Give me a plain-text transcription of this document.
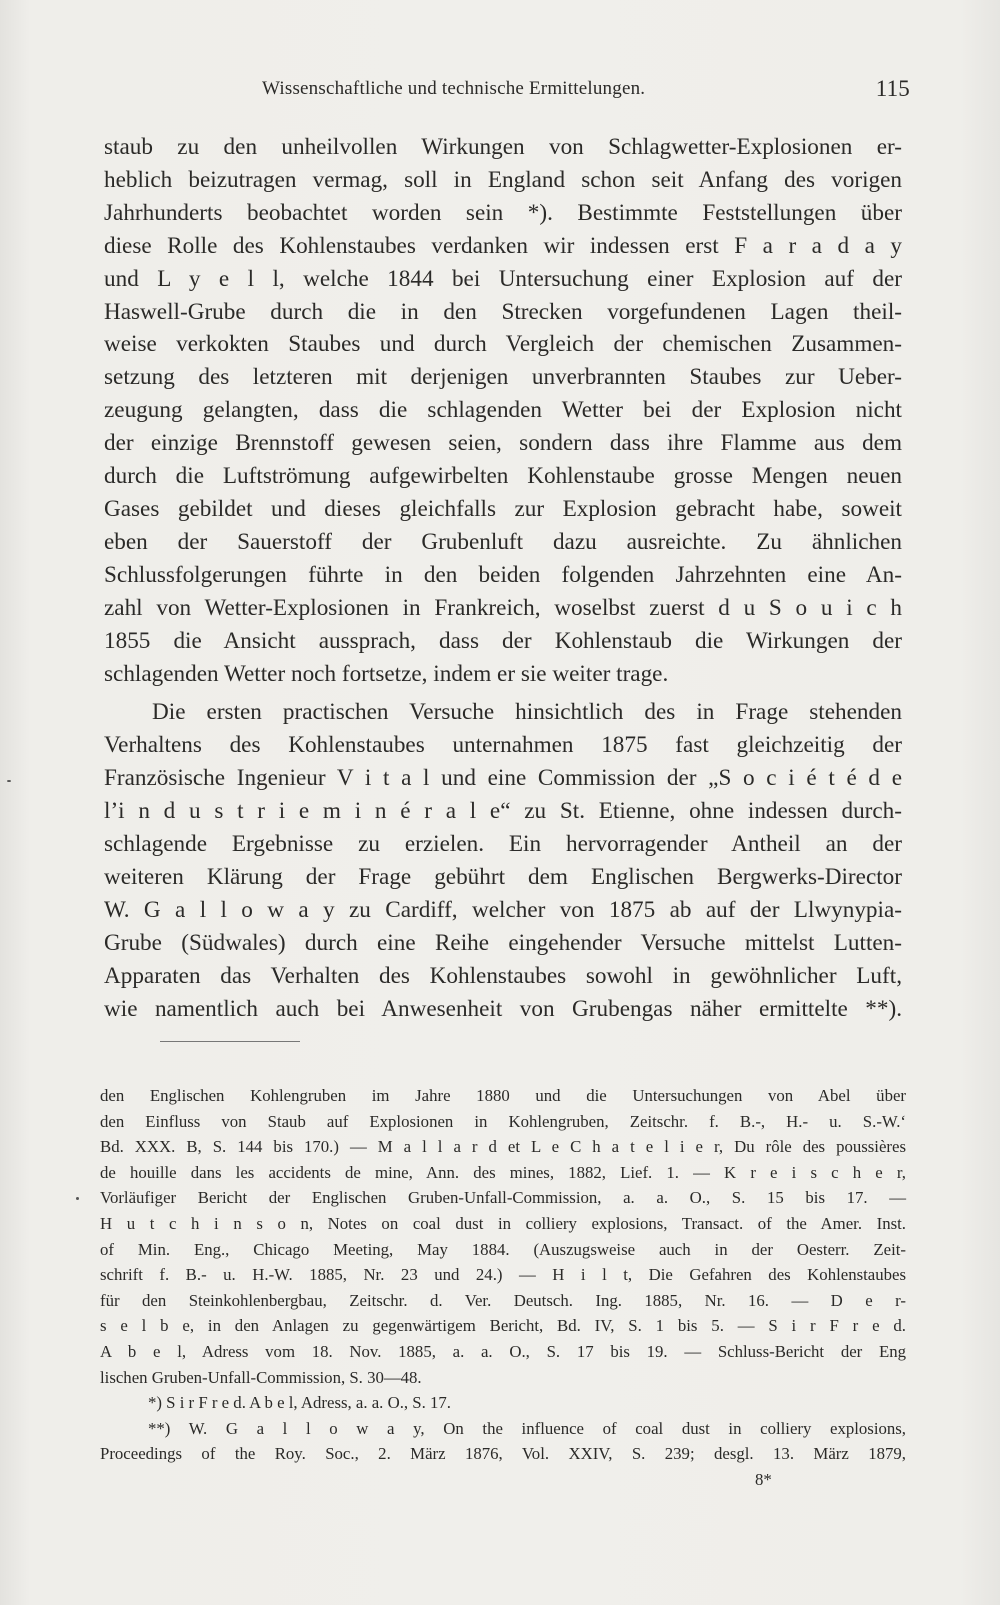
Wissenschaftliche und technische Ermittelungen.	115
staub zu den unheilvollen Wirkungen von Schlagwetter-Explosionen er-
heblich beizutragen vermag, soll in England schon seit Anfang des vorigen
Jahrhunderts beobachtet worden sein *). Bestimmte Feststellungen über
diese Rolle des Kohlenstaubes verdanken wir indessen erst F a r a d a y
und L y e l l, welche 1844 bei Untersuchung einer Explosion auf der
Haswell-Grube durch die in den Strecken vorgefundenen Lagen theil-
weise verkokten Staubes und durch Vergleich der chemischen Zusammen-
setzung des letzteren mit derjenigen unverbrannten Staubes zur Ueber-
zeugung gelangten, dass die schlagenden Wetter bei der Explosion nicht
der einzige Brennstoff gewesen seien, sondern dass ihre Flamme aus dem
durch die Luftströmung aufgewirbelten Kohlenstaube grosse Mengen neuen
Gases gebildet und dieses gleichfalls zur Explosion gebracht habe, soweit
eben der Sauerstoff der Grubenluft dazu ausreichte. Zu ähnlichen
Schlussfolgerungen führte in den beiden folgenden Jahrzehnten eine An-
zahl von Wetter-Explosionen in Frankreich, woselbst zuerst d u S o u i c h
1855 die Ansicht aussprach, dass der Kohlenstaub die Wirkungen der
schlagenden Wetter noch fortsetze, indem er sie weiter trage.
Die ersten practischen Versuche hinsichtlich des in Frage stehenden
Verhaltens des Kohlenstaubes unternahmen 1875 fast gleichzeitig der
Französische Ingenieur V i t a l und eine Commission der „S o c i é t é d e
l’i n d u s t r i e m i n é r a l e“ zu St. Etienne, ohne indessen durch-
schlagende Ergebnisse zu erzielen. Ein hervorragender Antheil an der
weiteren Klärung der Frage gebührt dem Englischen Bergwerks-Director
W. G a l l o w a y zu Cardiff, welcher von 1875 ab auf der Llwynypia-
Grube (Südwales) durch eine Reihe eingehender Versuche mittelst Lutten-
Apparaten das Verhalten des Kohlenstaubes sowohl in gewöhnlicher Luft,
wie namentlich auch bei Anwesenheit von Grubengas näher ermittelte **).
den Englischen Kohlengruben im Jahre 1880 und die Untersuchungen von Abel über
den Einfluss von Staub auf Explosionen in Kohlengruben, Zeitschr. f. B.-, H.- u. S.-W.‘
Bd. XXX. B, S. 144 bis 170.) — M a l l a r d et L e C h a t e l i e r, Du rôle des poussières
de houille dans les accidents de mine, Ann. des mines, 1882, Lief. 1. — K r e i s c h e r,
Vorläufiger Bericht der Englischen Gruben-Unfall-Commission, a. a. O., S. 15 bis 17. —
H u t c h i n s o n, Notes on coal dust in colliery explosions, Transact. of the Amer. Inst.
of Min. Eng., Chicago Meeting, May 1884. (Auszugsweise auch in der Oesterr. Zeit-
schrift f. B.- u. H.-W. 1885, Nr. 23 und 24.) — H i l t, Die Gefahren des Kohlenstaubes
für den Steinkohlenbergbau, Zeitschr. d. Ver. Deutsch. Ing. 1885, Nr. 16. — D e r-
s e l b e, in den Anlagen zu gegenwärtigem Bericht, Bd. IV, S. 1 bis 5. — S i r F r e d.
A b e l, Adress vom 18. Nov. 1885, a. a. O., S. 17 bis 19. — Schluss-Bericht der Eng
lischen Gruben-Unfall-Commission, S. 30—48.
*) S i r F r e d. A b e l, Adress, a. a. O., S. 17.
**) W. G a l l o w a y, On the influence of coal dust in colliery explosions,
Proceedings of the Roy. Soc., 2. März 1876, Vol. XXIV, S. 239; desgl. 13. März 1879,
8*
